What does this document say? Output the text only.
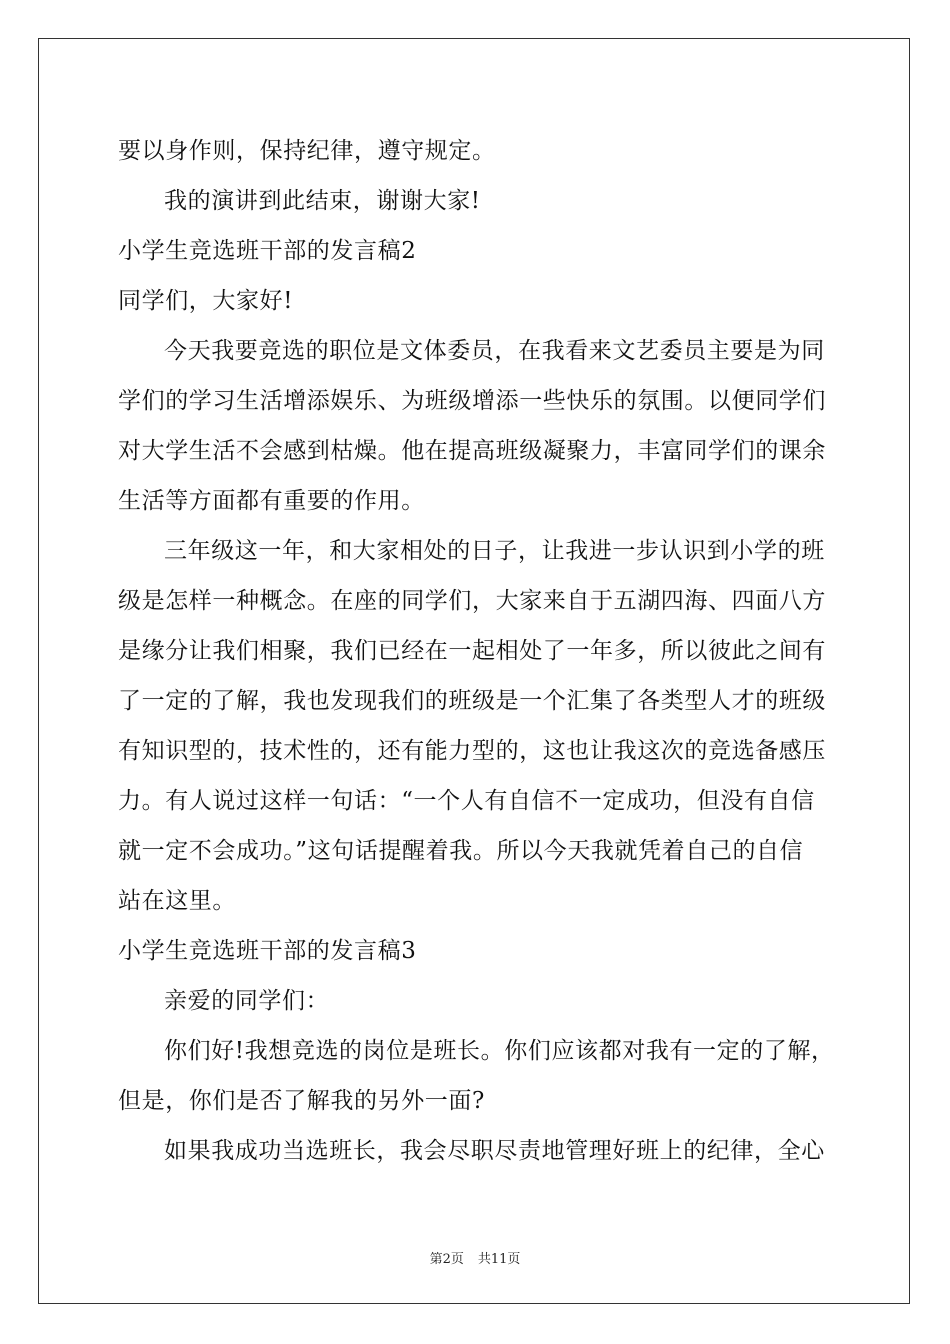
要以身作则，保持纪律，遵守规定。
我的演讲到此结束，谢谢大家!
小学生竞选班干部的发言稿2
同学们，大家好!
今天我要竞选的职位是文体委员，在我看来文艺委员主要是为同
学们的学习生活增添娱乐、为班级增添一些快乐的氛围。以便同学们
对大学生活不会感到枯燥。他在提高班级凝聚力，丰富同学们的课余
生活等方面都有重要的作用。
三年级这一年，和大家相处的日子，让我进一步认识到小学的班
级是怎样一种概念。在座的同学们，大家来自于五湖四海、四面八方
是缘分让我们相聚，我们已经在一起相处了一年多，所以彼此之间有
了一定的了解，我也发现我们的班级是一个汇集了各类型人才的班级
有知识型的，技术性的，还有能力型的，这也让我这次的竞选备感压
力。有人说过这样一句话：“一个人有自信不一定成功，但没有自信
就一定不会成功。”这句话提醒着我。所以今天我就凭着自己的自信
站在这里。
小学生竞选班干部的发言稿3
亲爱的同学们：
你们好!我想竞选的岗位是班长。你们应该都对我有一定的了解，
但是，你们是否了解我的另外一面?
如果我成功当选班长，我会尽职尽责地管理好班上的纪律，全心
第2页 共11页
